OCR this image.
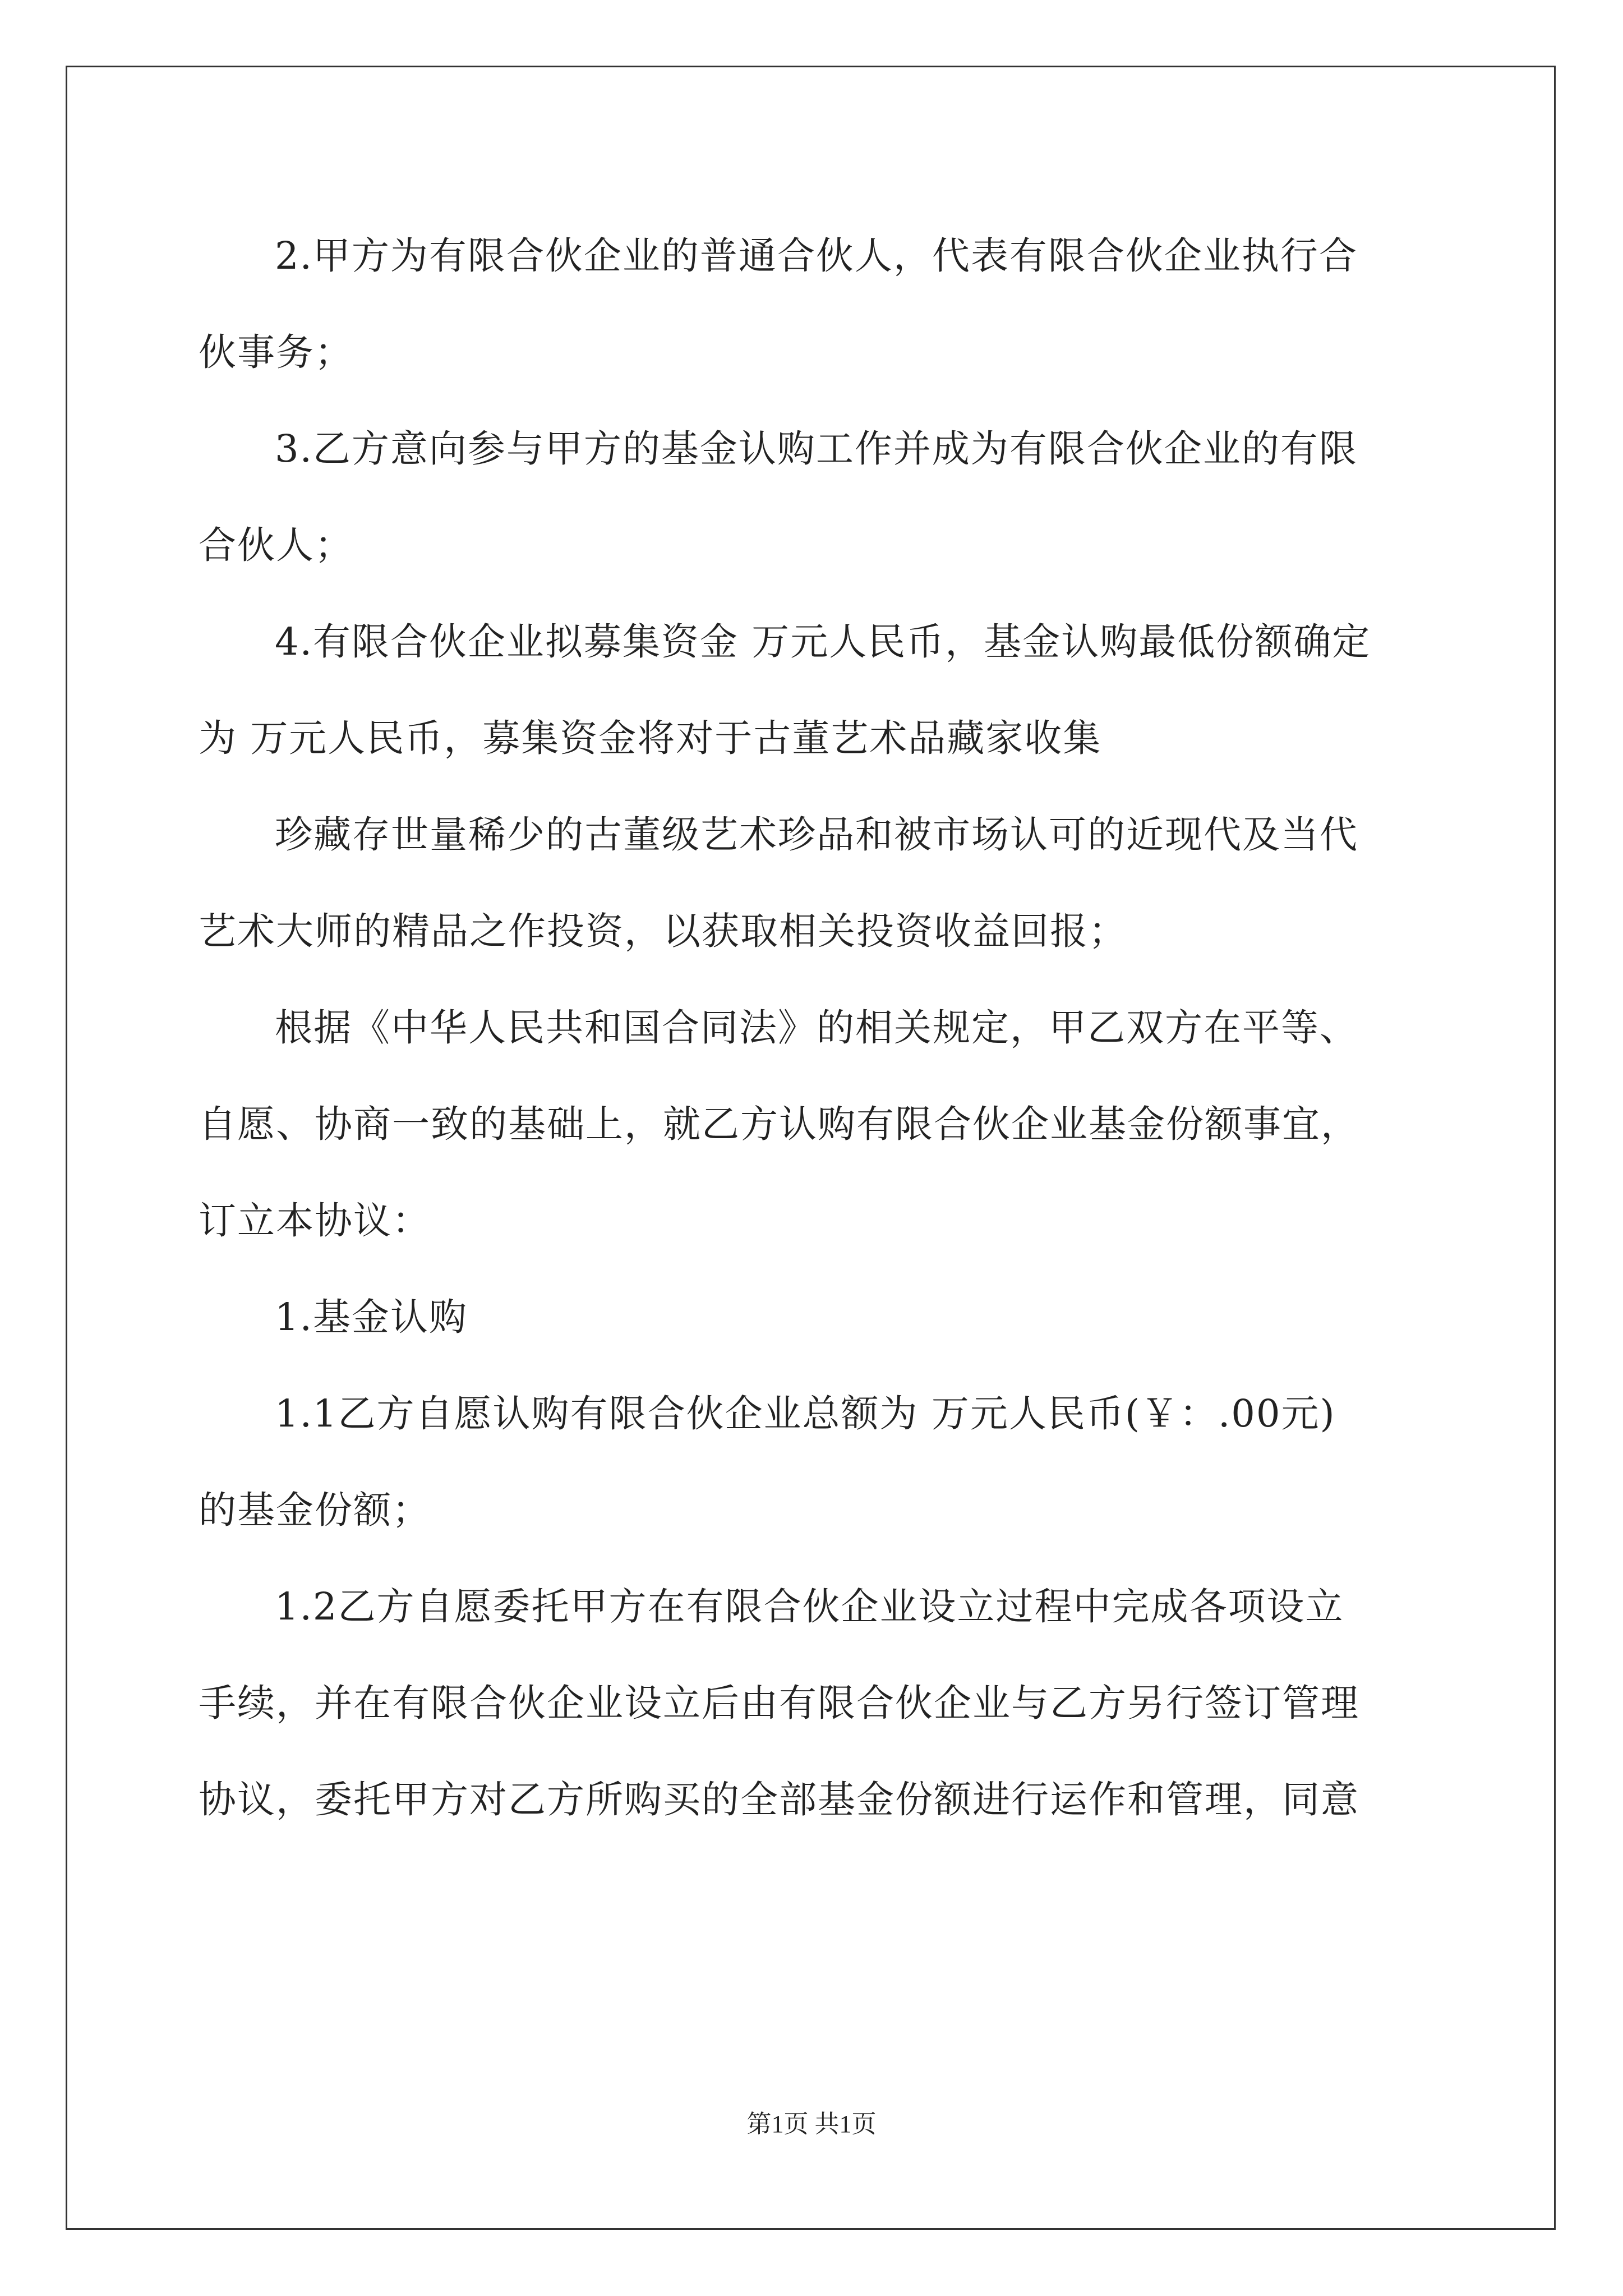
2.甲方为有限合伙企业的普通合伙人，代表有限合伙企业执行合
伙事务；
3.乙方意向参与甲方的基金认购工作并成为有限合伙企业的有限
合伙人；
4.有限合伙企业拟募集资金 万元人民币，基金认购最低份额确定
为 万元人民币，募集资金将对于古董艺术品藏家收集
珍藏存世量稀少的古董级艺术珍品和被市场认可的近现代及当代
艺术大师的精品之作投资，以获取相关投资收益回报；
根据《中华人民共和国合同法》的相关规定，甲乙双方在平等、
自愿、协商一致的基础上，就乙方认购有限合伙企业基金份额事宜，
订立本协议：
1.基金认购
1.1乙方自愿认购有限合伙企业总额为 万元人民币(￥：.00元)
的基金份额；
1.2乙方自愿委托甲方在有限合伙企业设立过程中完成各项设立
手续，并在有限合伙企业设立后由有限合伙企业与乙方另行签订管理
协议，委托甲方对乙方所购买的全部基金份额进行运作和管理，同意
第1页 共1页
